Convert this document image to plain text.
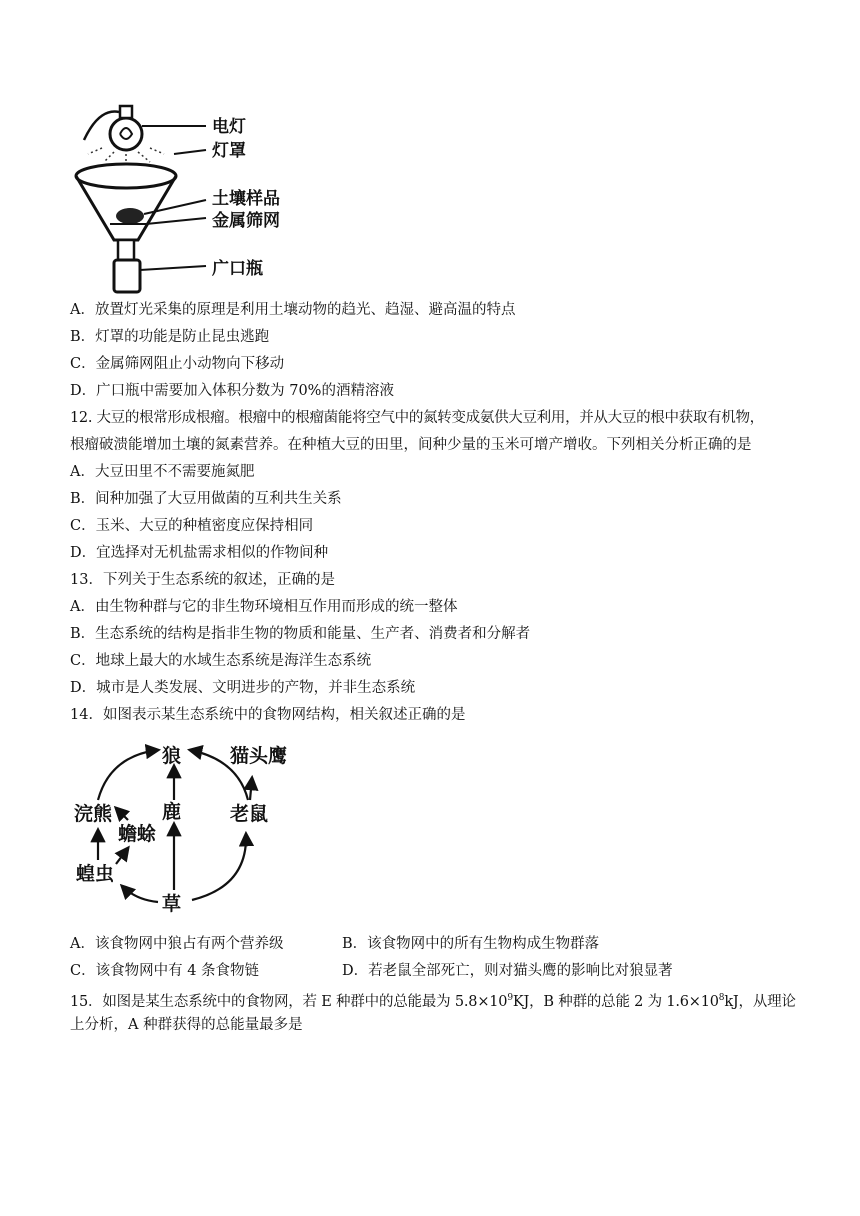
电灯
灯罩
土壤样品
金属筛网
广口瓶
A．放置灯光采集的原理是利用土壤动物的趋光、趋湿、避高温的特点
B．灯罩的功能是防止昆虫逃跑
C．金属筛网阻止小动物向下移动
D．广口瓶中需要加入体积分数为 70%的酒精溶液
12. 大豆的根常形成根瘤。根瘤中的根瘤菌能将空气中的氮转变成氨供大豆利用，并从大豆的根中获取有机物，
根瘤破溃能增加土壤的氮素营养。在种植大豆的田里，间种少量的玉米可增产增收。下列相关分析正确的是
A．大豆田里不不需要施氮肥
B．间种加强了大豆用做菌的互利共生关系
C．玉米、大豆的种植密度应保持相同
D．宜选择对无机盐需求相似的作物间种
13．下列关于生态系统的叙述，正确的是
A．由生物种群与它的非生物环境相互作用而形成的统一整体
B．生态系统的结构是指非生物的物质和能量、生产者、消费者和分解者
C．地球上最大的水域生态系统是海洋生态系统
D．城市是人类发展、文明进步的产物，并非生态系统
14．如图表示某生态系统中的食物网结构，相关叙述正确的是
狼	猫头鹰
浣熊	鹿	老鼠
蟾蜍
蝗虫
草
A．该食物网中狼占有两个营养级	B．该食物网中的所有生物构成生物群落
C．该食物网中有 4 条食物链	D．若老鼠全部死亡，则对猫头鹰的影响比对狼显著
15．如图是某生态系统中的食物网，若 E 种群中的总能最为 $5.8\times 10^9KJ$，B 种群的总能 2 为 $1.6\times 10^8kJ$，从理论
上分析，A 种群获得的总能量最多是
